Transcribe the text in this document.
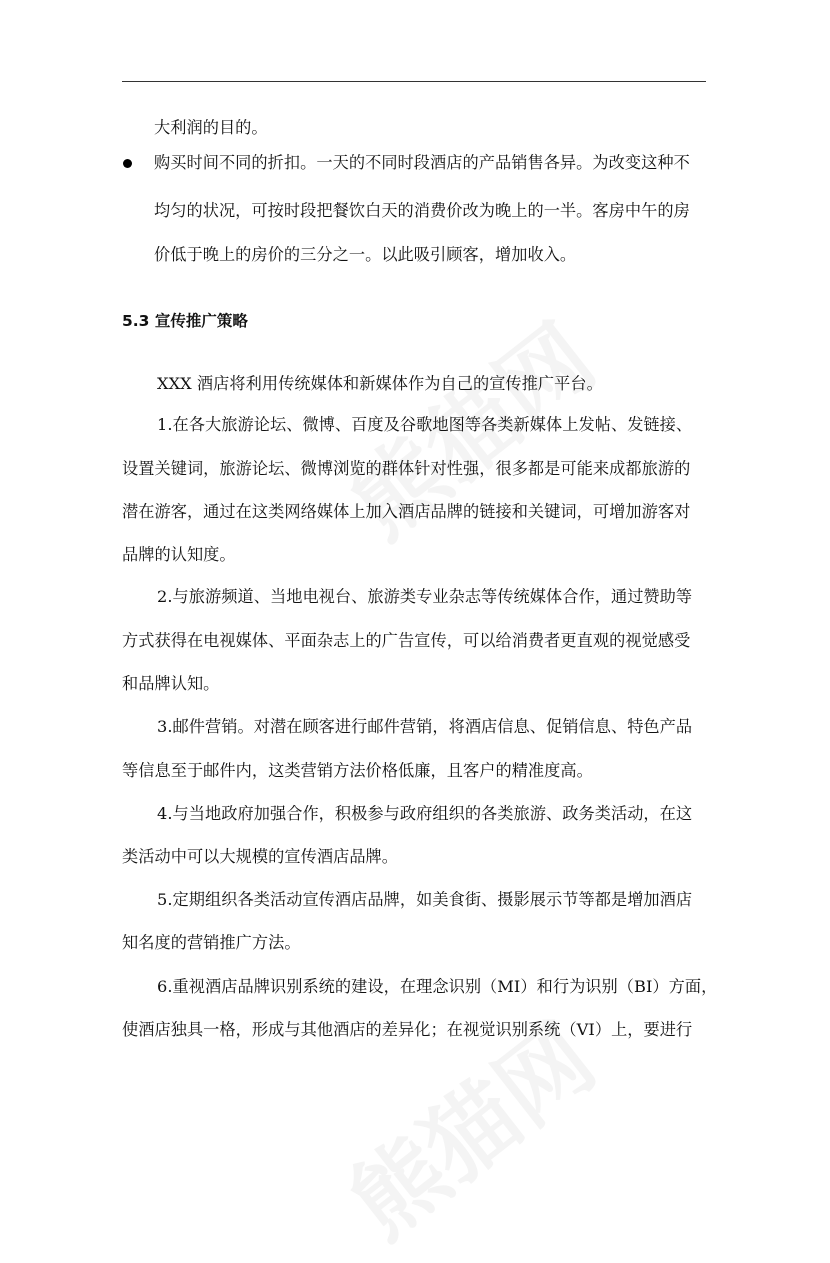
大利润的目的。
购买时间不同的折扣。一天的不同时段酒店的产品销售各异。为改变这种不
均匀的状况，可按时段把餐饮白天的消费价改为晚上的一半。客房中午的房
价低于晚上的房价的三分之一。以此吸引顾客，增加收入。
5.3 宣传推广策略
XXX 酒店将利用传统媒体和新媒体作为自己的宣传推广平台。
1.在各大旅游论坛、微博、百度及谷歌地图等各类新媒体上发帖、发链接、
设置关键词，旅游论坛、微博浏览的群体针对性强，很多都是可能来成都旅游的
潜在游客，通过在这类网络媒体上加入酒店品牌的链接和关键词，可增加游客对
品牌的认知度。
2.与旅游频道、当地电视台、旅游类专业杂志等传统媒体合作，通过赞助等
方式获得在电视媒体、平面杂志上的广告宣传，可以给消费者更直观的视觉感受
和品牌认知。
3.邮件营销。对潜在顾客进行邮件营销，将酒店信息、促销信息、特色产品
等信息至于邮件内，这类营销方法价格低廉，且客户的精准度高。
4.与当地政府加强合作，积极参与政府组织的各类旅游、政务类活动，在这
类活动中可以大规模的宣传酒店品牌。
5.定期组织各类活动宣传酒店品牌，如美食街、摄影展示节等都是增加酒店
知名度的营销推广方法。
6.重视酒店品牌识别系统的建设，在理念识别（MI）和行为识别（BI）方面，
使酒店独具一格，形成与其他酒店的差异化；在视觉识别系统（VI）上，要进行
